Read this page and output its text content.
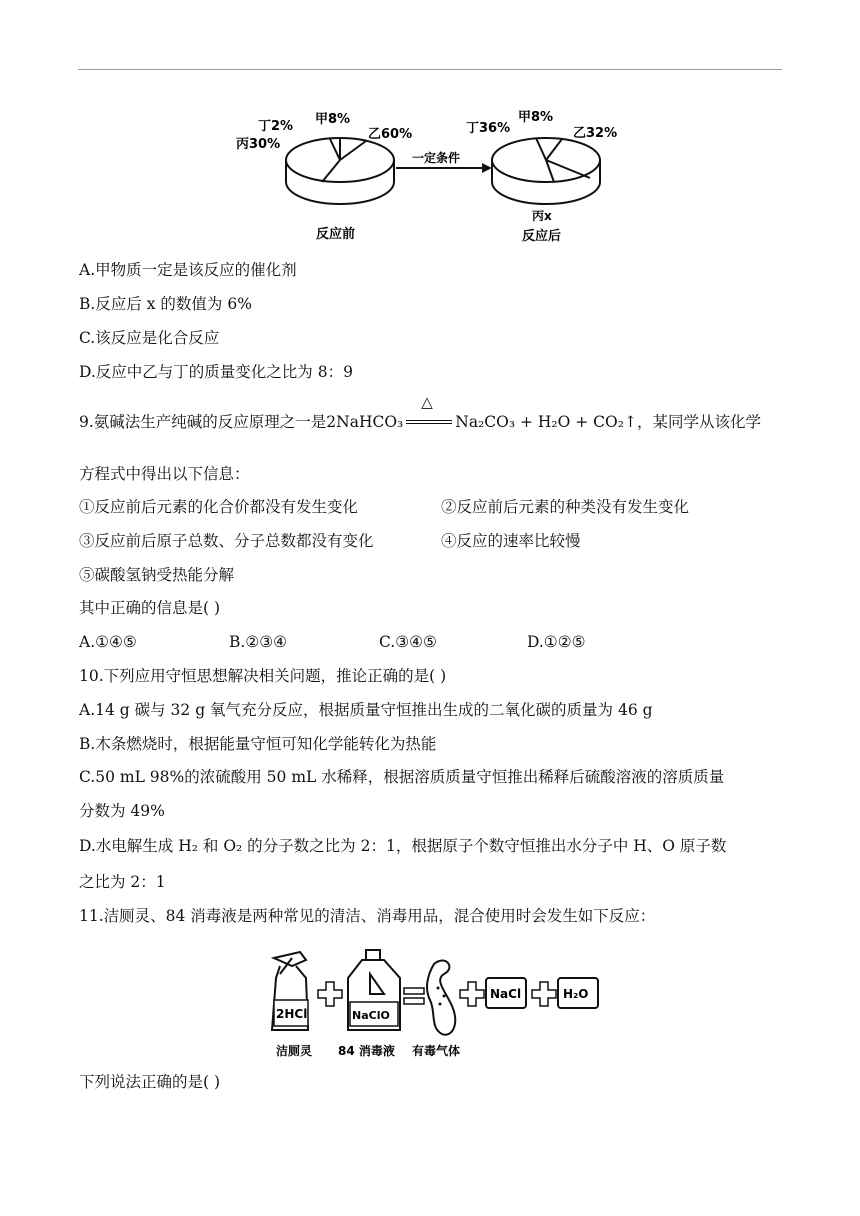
丁2% 甲8%
乙60%
丙30%
反应前
一定条件
丁36%
甲8%
乙32%
丙x
反应后
A.甲物质一定是该反应的催化剂
B.反应后 x 的数值为 6%
C.该反应是化合反应
D.反应中乙与丁的质量变化之比为 8：9
9.氨碱法生产纯碱的反应原理之一是2NaHCO₃
△
Na₂CO₃ + H₂O + CO₂↑，某同学从该化学
方程式中得出以下信息：
①反应前后元素的化合价都没有发生变化	②反应前后元素的种类没有发生变化
③反应前后原子总数、分子总数都没有变化	④反应的速率比较慢
⑤碳酸氢钠受热能分解
其中正确的信息是( )
A.①④⑤	B.②③④	C.③④⑤	D.①②⑤
10.下列应用守恒思想解决相关问题，推论正确的是( )
A.14 g 碳与 32 g 氧气充分反应，根据质量守恒推出生成的二氧化碳的质量为 46 g
B.木条燃烧时，根据能量守恒可知化学能转化为热能
C.50 mL 98%的浓硫酸用 50 mL 水稀释，根据溶质质量守恒推出稀释后硫酸溶液的溶质质量
分数为 49%
D.水电解生成 H₂ 和 O₂ 的分子数之比为 2：1，根据原子个数守恒推出水分子中 H、O 原子数
之比为 2：1
11.洁厕灵、84 消毒液是两种常见的清洁、消毒用品，混合使用时会发生如下反应：
2HCl	NaClO
NaCl	H₂O
洁厕灵 84 消毒液 有毒气体
下列说法正确的是( )
